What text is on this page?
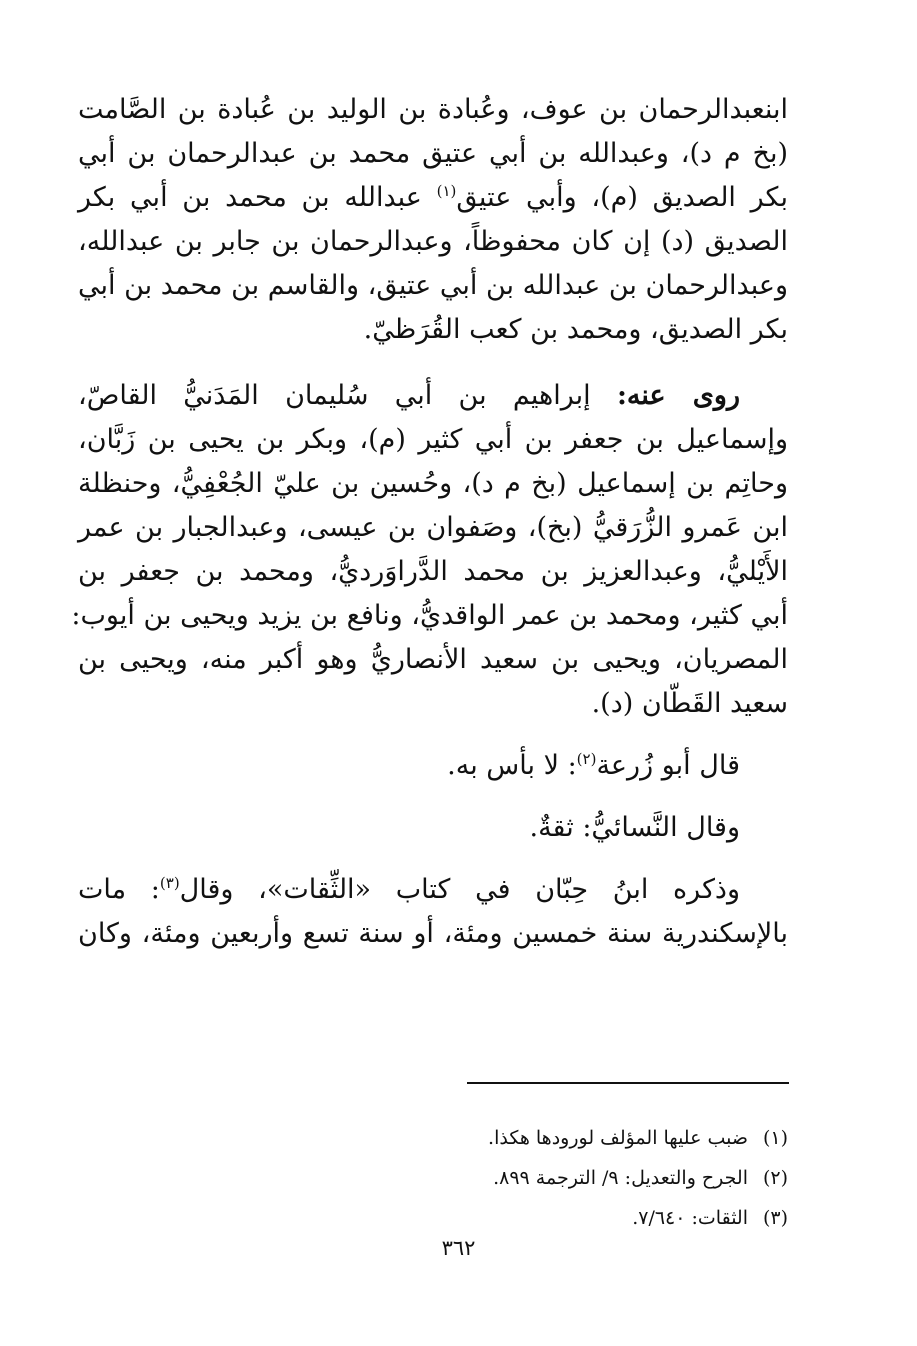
ابنعبدالرحمان بن عوف، وعُبادة بن الوليد بن عُبادة بن الصَّامت
(بخ م د)، وعبدالله بن أبي عتيق محمد بن عبدالرحمان بن أبي
بكر الصديق (م)، وأبي عتيق$^{(١)}$ عبدالله بن محمد بن أبي بكر
الصديق (د) إن كان محفوظاً، وعبدالرحمان بن جابر بن عبدالله،
وعبدالرحمان بن عبدالله بن أبي عتيق، والقاسم بن محمد بن أبي
بكر الصديق، ومحمد بن كعب القُرَظيّ.
روى عنه: إبراهيم بن أبي سُليمان المَدَنيُّ القاصّ،
وإسماعيل بن جعفر بن أبي كثير (م)، وبكر بن يحيى بن زَبَّان،
وحاتِم بن إسماعيل (بخ م د)، وحُسين بن عليّ الجُعْفِيُّ، وحنظلة
ابن عَمرو الزُّرَقيُّ (بخ)، وصَفوان بن عيسى، وعبدالجبار بن عمر
الأَيْليُّ، وعبدالعزيز بن محمد الدَّراوَرديُّ، ومحمد بن جعفر بن
أبي كثير، ومحمد بن عمر الواقديُّ، ونافع بن يزيد ويحيى بن أيوب:
المصريان، ويحيى بن سعيد الأنصاريُّ وهو أكبر منه، ويحيى بن
سعيد القَطّان (د).
قال أبو زُرعة$^{(٢)}$: لا بأس به.
وقال النَّسائيُّ: ثقةٌ.
وذكره ابنُ حِبّان في كتاب «الثِّقات»، وقال$^{(٣)}$: مات
بالإسكندرية سنة خمسين ومئة، أو سنة تسع وأربعين ومئة، وكان
(١)ضبب عليها المؤلف لورودها هكذا.
(٢)الجرح والتعديل: ٩/ الترجمة ٨٩٩.
(٣)الثقات: ٧/٦٤٠.
٣٦٢
